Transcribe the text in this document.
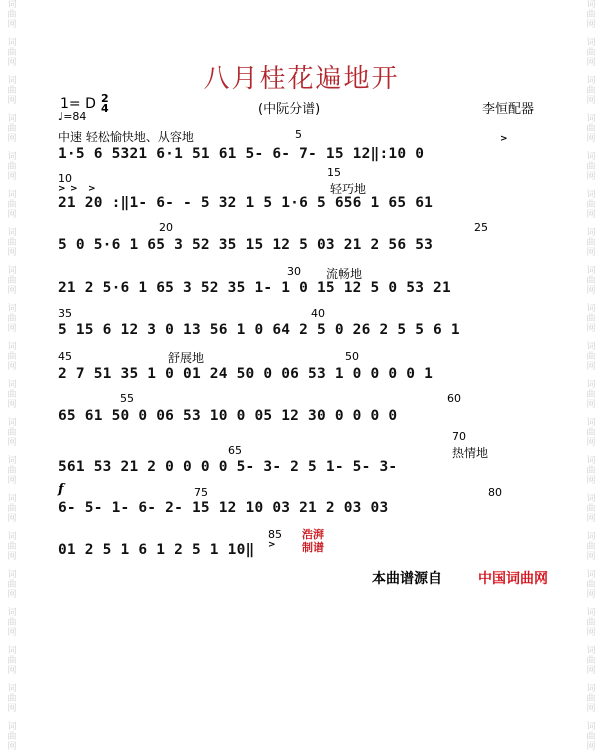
词
曲
网
词
曲
网
词
曲
网
词
曲
网
词
曲
网
词
曲
网
词
曲
网
词
曲
网
词
曲
网
词
曲
网
词
曲
网
词
曲
网
词
曲
网
词
曲
网
词
曲
网
词
曲
网
词
曲
网
词
曲
网
词
曲
网
词
曲
网
词
曲
网
词
曲
网
词
曲
网
词
曲
网
词
曲
网
词
曲
网
词
曲
网
词
曲
网
词
曲
网
词
曲
网
词
曲
网
词
曲
网
词
曲
网
词
曲
网
词
曲
网
词
曲
网
词
曲
网
词
曲
网
词
曲
网
词
曲
网
八月桂花遍地开
1= D 2
4
♩=84	(中阮分谱)	李恒配器
中速 轻松愉快地、从容地
轻巧地
流畅地
舒展地
热情地
5
10	15
20	25
30
35	40
45	50
55	60
65
70
75	80
85
>
> > >
>
1·5 6 5321 6·1 51 61 5- 6- 7- 15 12‖:10 0
21 20 :‖1- 6- - 5 32 1 5 1·6 5 656 1 65 61
5 0 5·6 1 65 3 52 35 15 12 5 03 21 2 56 53
21 2 5·6 1 65 3 52 35 1- 1 0 15 12 5 0 53 21
5 15 6 12 3 0 13 56 1 0 64 2 5 0 26 2 5 5 6 1
2 7 51 35 1 0 01 24 50 0 06 53 1 0 0 0 0 1
65 61 50 0 06 53 10 0 05 12 30 0 0 0 0
561 53 21 2 0 0 0 0 5- 3- 2 5 1- 5- 3-
6- 5- 1- 6- 2- 15 12 10 03 21 2 03 03
01 2 5 1 6 1 2 5 1 10‖
f
浩湃
制谱
本曲谱源自	中国词曲网
